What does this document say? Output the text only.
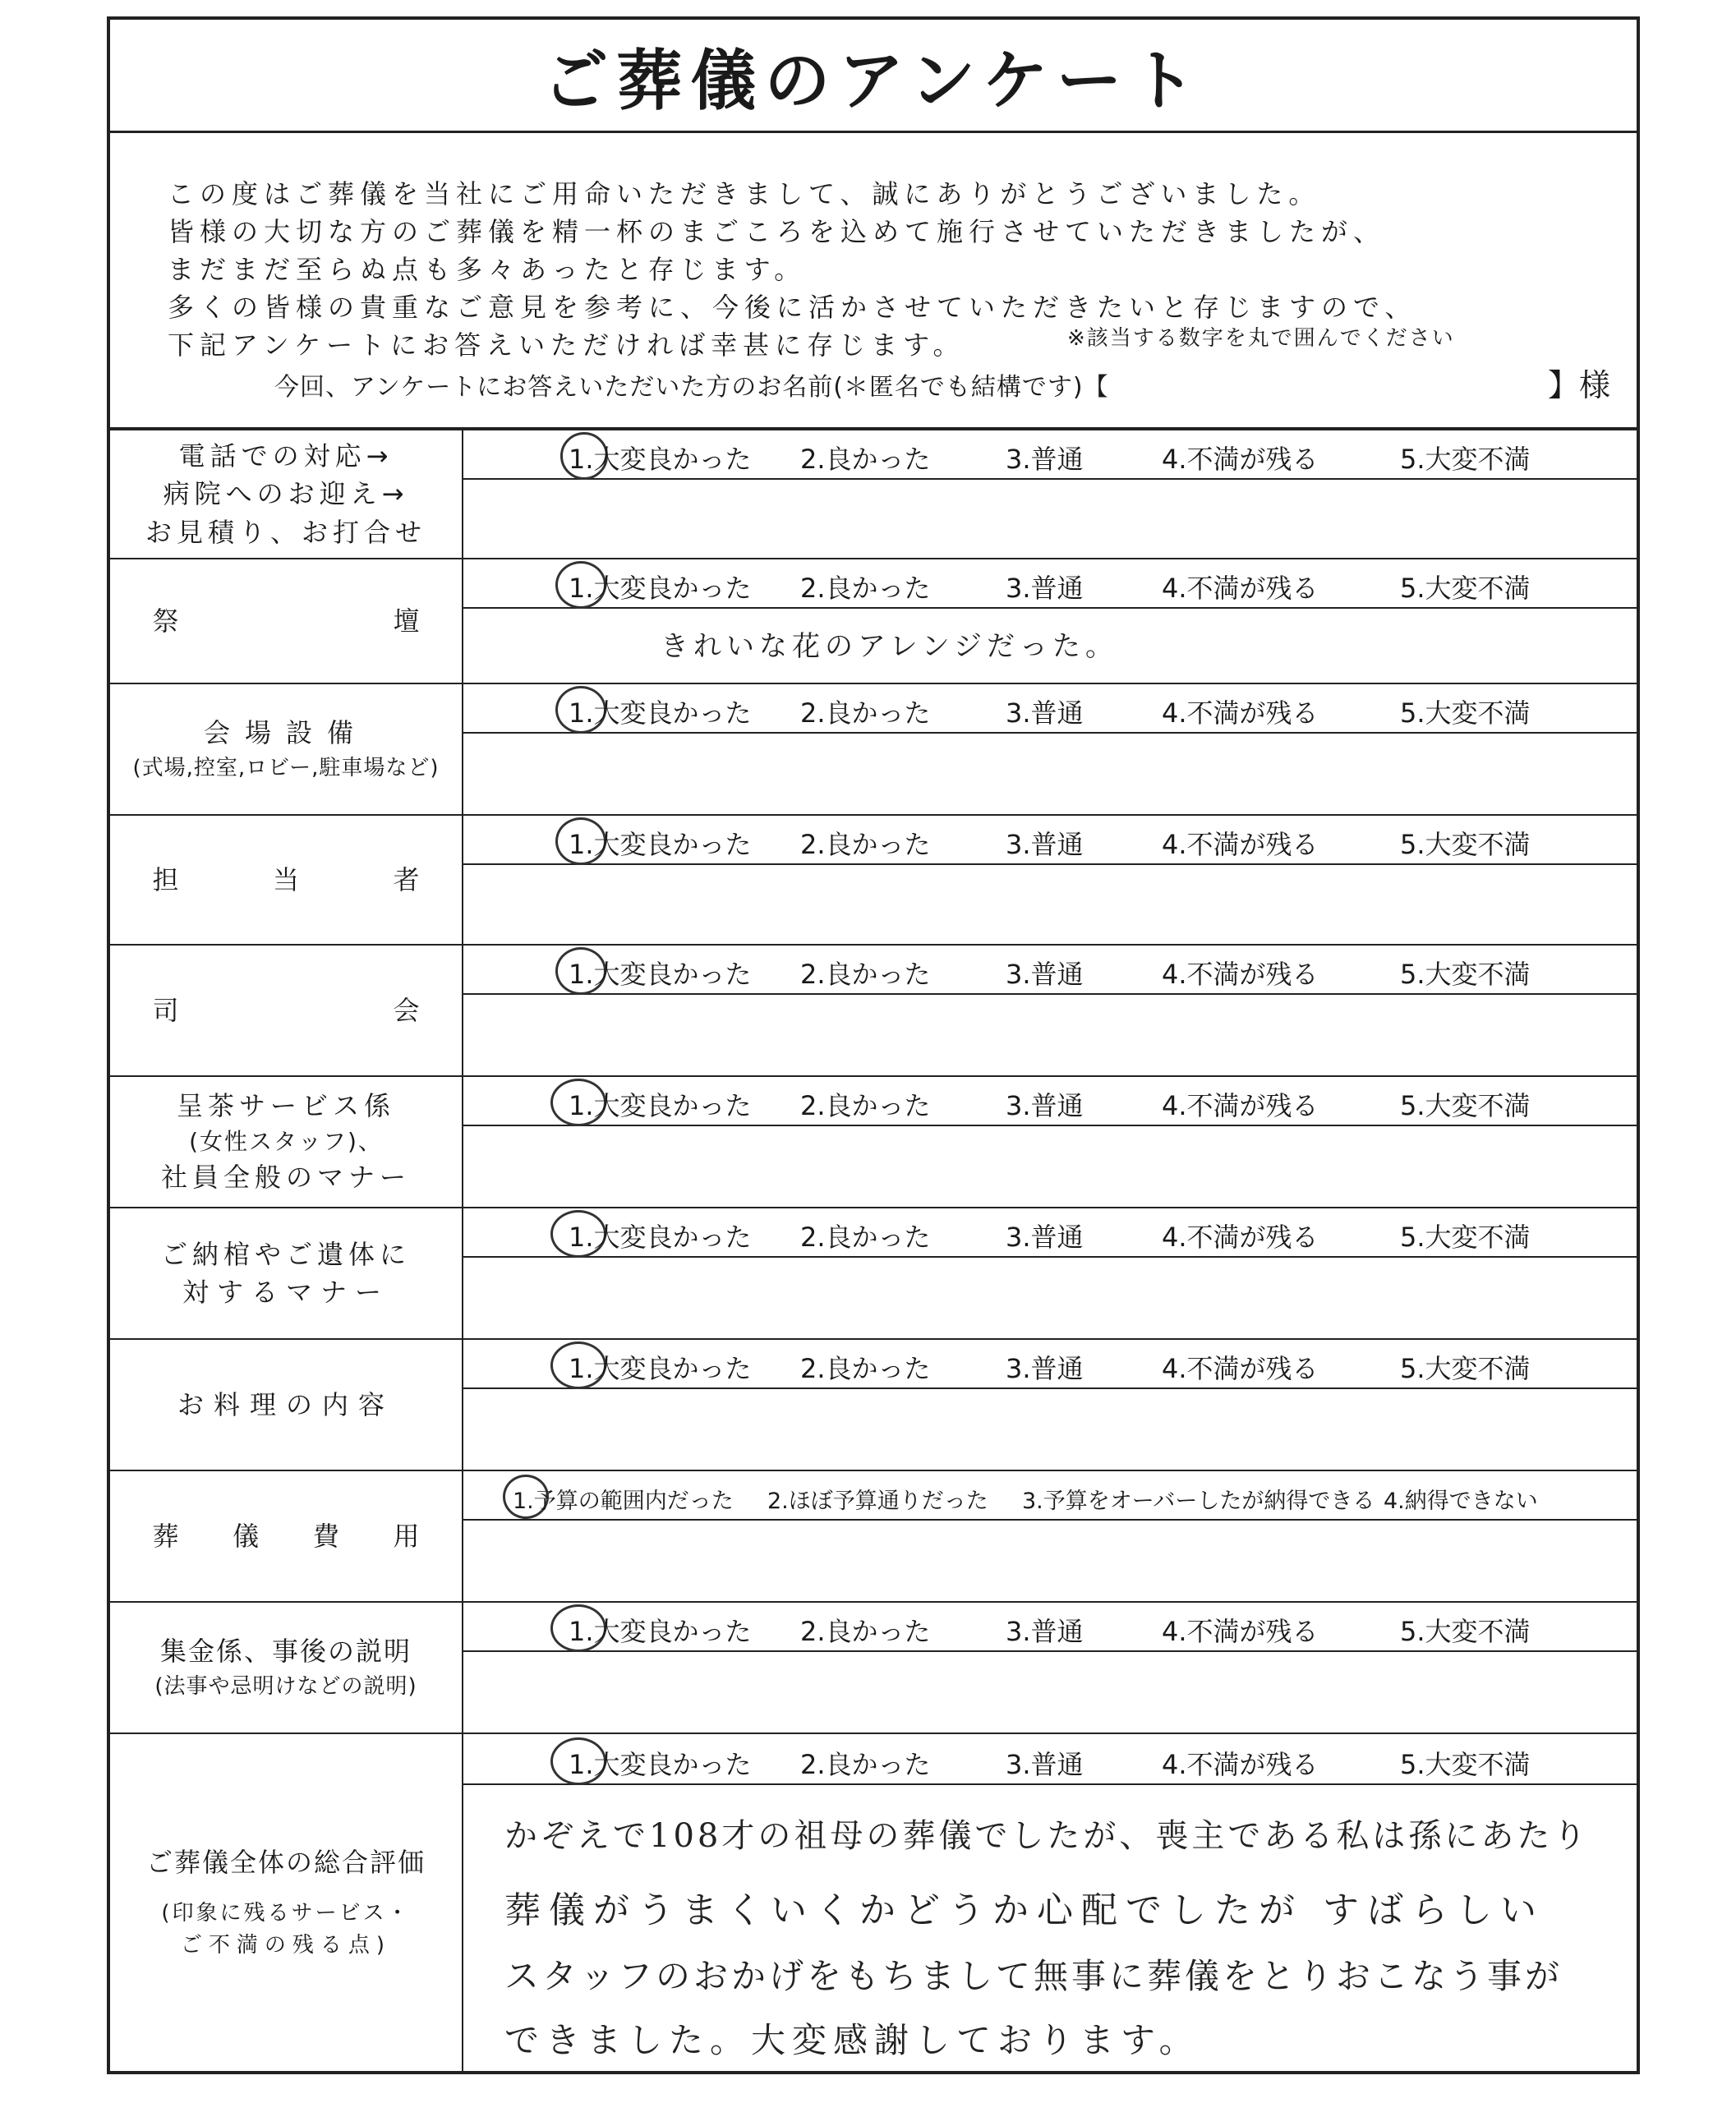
ご葬儀のアンケート
この度はご葬儀を当社にご用命いただきまして、誠にありがとうございました。
皆様の大切な方のご葬儀を精一杯のまごころを込めて施行させていただきましたが、
まだまだ至らぬ点も多々あったと存じます。
多くの皆様の貴重なご意見を参考に、今後に活かさせていただきたいと存じますので、
下記アンケートにお答えいただければ幸甚に存じます。	※該当する数字を丸で囲んでください
今回、アンケートにお答えいただいた方のお名前(＊匿名でも結構です)【	】様
電話での対応→
病院へのお迎え→
お見積り、お打合せ
1.大変良かった 2.良かった	3.普通	4.不満が残る	5.大変不満
祭	壇
1.大変良かった 2.良かった	3.普通	4.不満が残る	5.大変不満
きれいな花のアレンジだった。
会場設備
(式場,控室,ロビー,駐車場など)
1.大変良かった 2.良かった	3.普通	4.不満が残る	5.大変不満
担	当	者
1.大変良かった 2.良かった	3.普通	4.不満が残る	5.大変不満
司	会
1.大変良かった 2.良かった	3.普通	4.不満が残る	5.大変不満
呈茶サービス係
(女性スタッフ)、
社員全般のマナー
1.大変良かった 2.良かった	3.普通	4.不満が残る	5.大変不満
ご納棺やご遺体に
対するマナー
1.大変良かった 2.良かった	3.普通	4.不満が残る	5.大変不満
お料理の内容
1.大変良かった 2.良かった	3.普通	4.不満が残る	5.大変不満
葬 儀 費 用
1.予算の範囲内だった 2.ほぼ予算通りだった 3.予算をオーバーしたが納得できる 4.納得できない
集金係、事後の説明
(法事や忌明けなどの説明)
1.大変良かった 2.良かった	3.普通	4.不満が残る	5.大変不満
ご葬儀全体の総合評価
(印象に残るサービス・
ご不満の残る点)
1.大変良かった 2.良かった	3.普通	4.不満が残る	5.大変不満
かぞえで108才の祖母の葬儀でしたが、喪主である私は孫にあたり
葬儀がうまくいくかどうか心配でしたが すばらしい
スタッフのおかげをもちまして無事に葬儀をとりおこなう事が
できました。大変感謝しております。
